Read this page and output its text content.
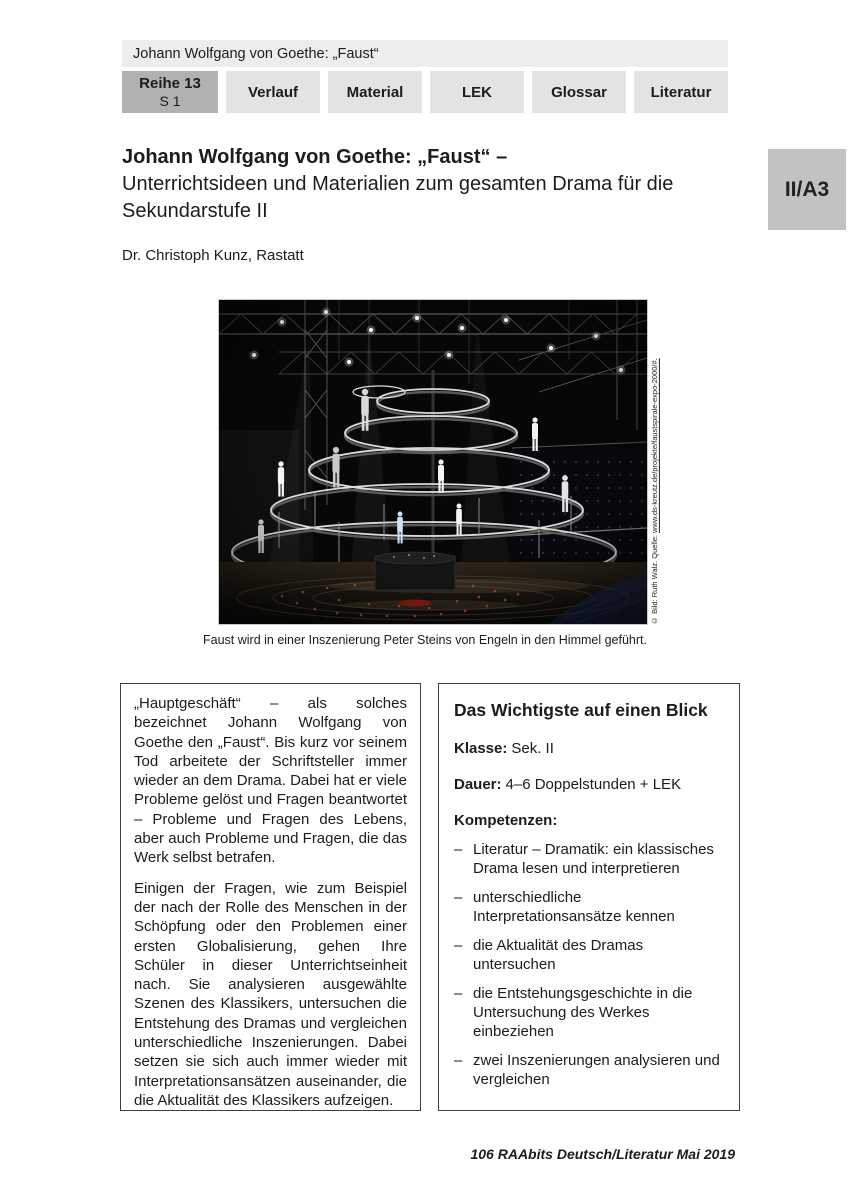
Johann Wolfgang von Goethe: „Faust“
Reihe 13
S 1
Verlauf	Material	LEK	Glossar	Literatur
II/A3
Johann Wolfgang von Goethe: „Faust“ –
Unterrichtsideen und Materialien zum gesamten Drama für die Sekundarstufe II
Dr. Christoph Kunz, Rastatt
© Bild: Ruth Walz. Quelle: www.ds-kreutz.de/projekte/faustspirale-expo-2000/#.
Faust wird in einer Inszenierung Peter Steins von Engeln in den Himmel geführt.

„Hauptgeschäft“ – als solches bezeichnet Johann Wolfgang von Goethe den „Faust“. Bis kurz vor seinem Tod arbeitete der Schriftsteller immer wieder an dem Drama. Dabei hat er viele Probleme gelöst und Fragen beantwortet – Probleme und Fragen des Lebens, aber auch Probleme und Fragen, die das Werk selbst betrafen.

Einigen der Fragen, wie zum Beispiel der nach der Rolle des Menschen in der Schöpfung oder den Problemen einer ersten Globalisierung, gehen Ihre Schüler in dieser Unterrichtseinheit nach. Sie analysieren ausgewählte Szenen des Klassikers, untersuchen die Entstehung des Dramas und vergleichen unterschiedliche Inszenierungen. Dabei setzen sie sich auch immer wieder mit Interpretationsansätzen auseinander, die die Aktualität des Klassikers aufzeigen.

Das Wichtigste auf einen Blick

Klasse: Sek. II

Dauer: 4–6 Doppelstunden + LEK

Kompetenzen:

– Literatur – Dramatik: ein klassisches Drama lesen und interpretieren
– unterschiedliche Interpretationsansätze kennen
– die Aktualität des Dramas untersuchen
– die Entstehungsgeschichte in die Untersuchung des Werkes einbeziehen
– zwei Inszenierungen analysieren und vergleichen
106 RAAbits Deutsch/Literatur Mai 2019
